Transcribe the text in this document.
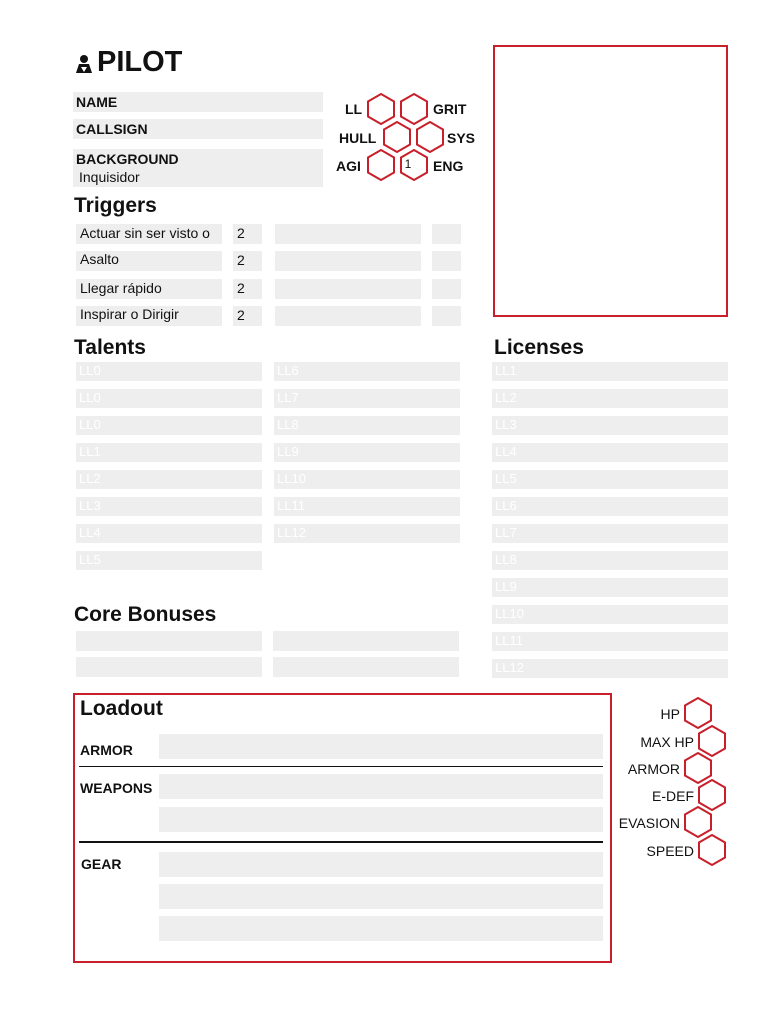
PILOT
NAME
CALLSIGN
BACKGROUND
Inquisidor
LL	GRIT
HULL	SYS
AGI	1	ENG
Triggers
Actuar sin ser visto o 2
Asalto	2
Llegar rápido	2
Inspirar o Dirigir	2
Talents
LL0
LL0
LL0
LL1
LL2
LL3
LL4
LL5
LL6
LL7
LL8
LL9
LL10
LL11
LL12
Licenses
LL1
LL2
LL3
LL4
LL5
LL6
LL7
LL8
LL9
LL10
LL11
LL12
Core Bonuses
Loadout
ARMOR
WEAPONS
GEAR
HP
MAX HP
ARMOR
E-DEF
EVASION
SPEED
